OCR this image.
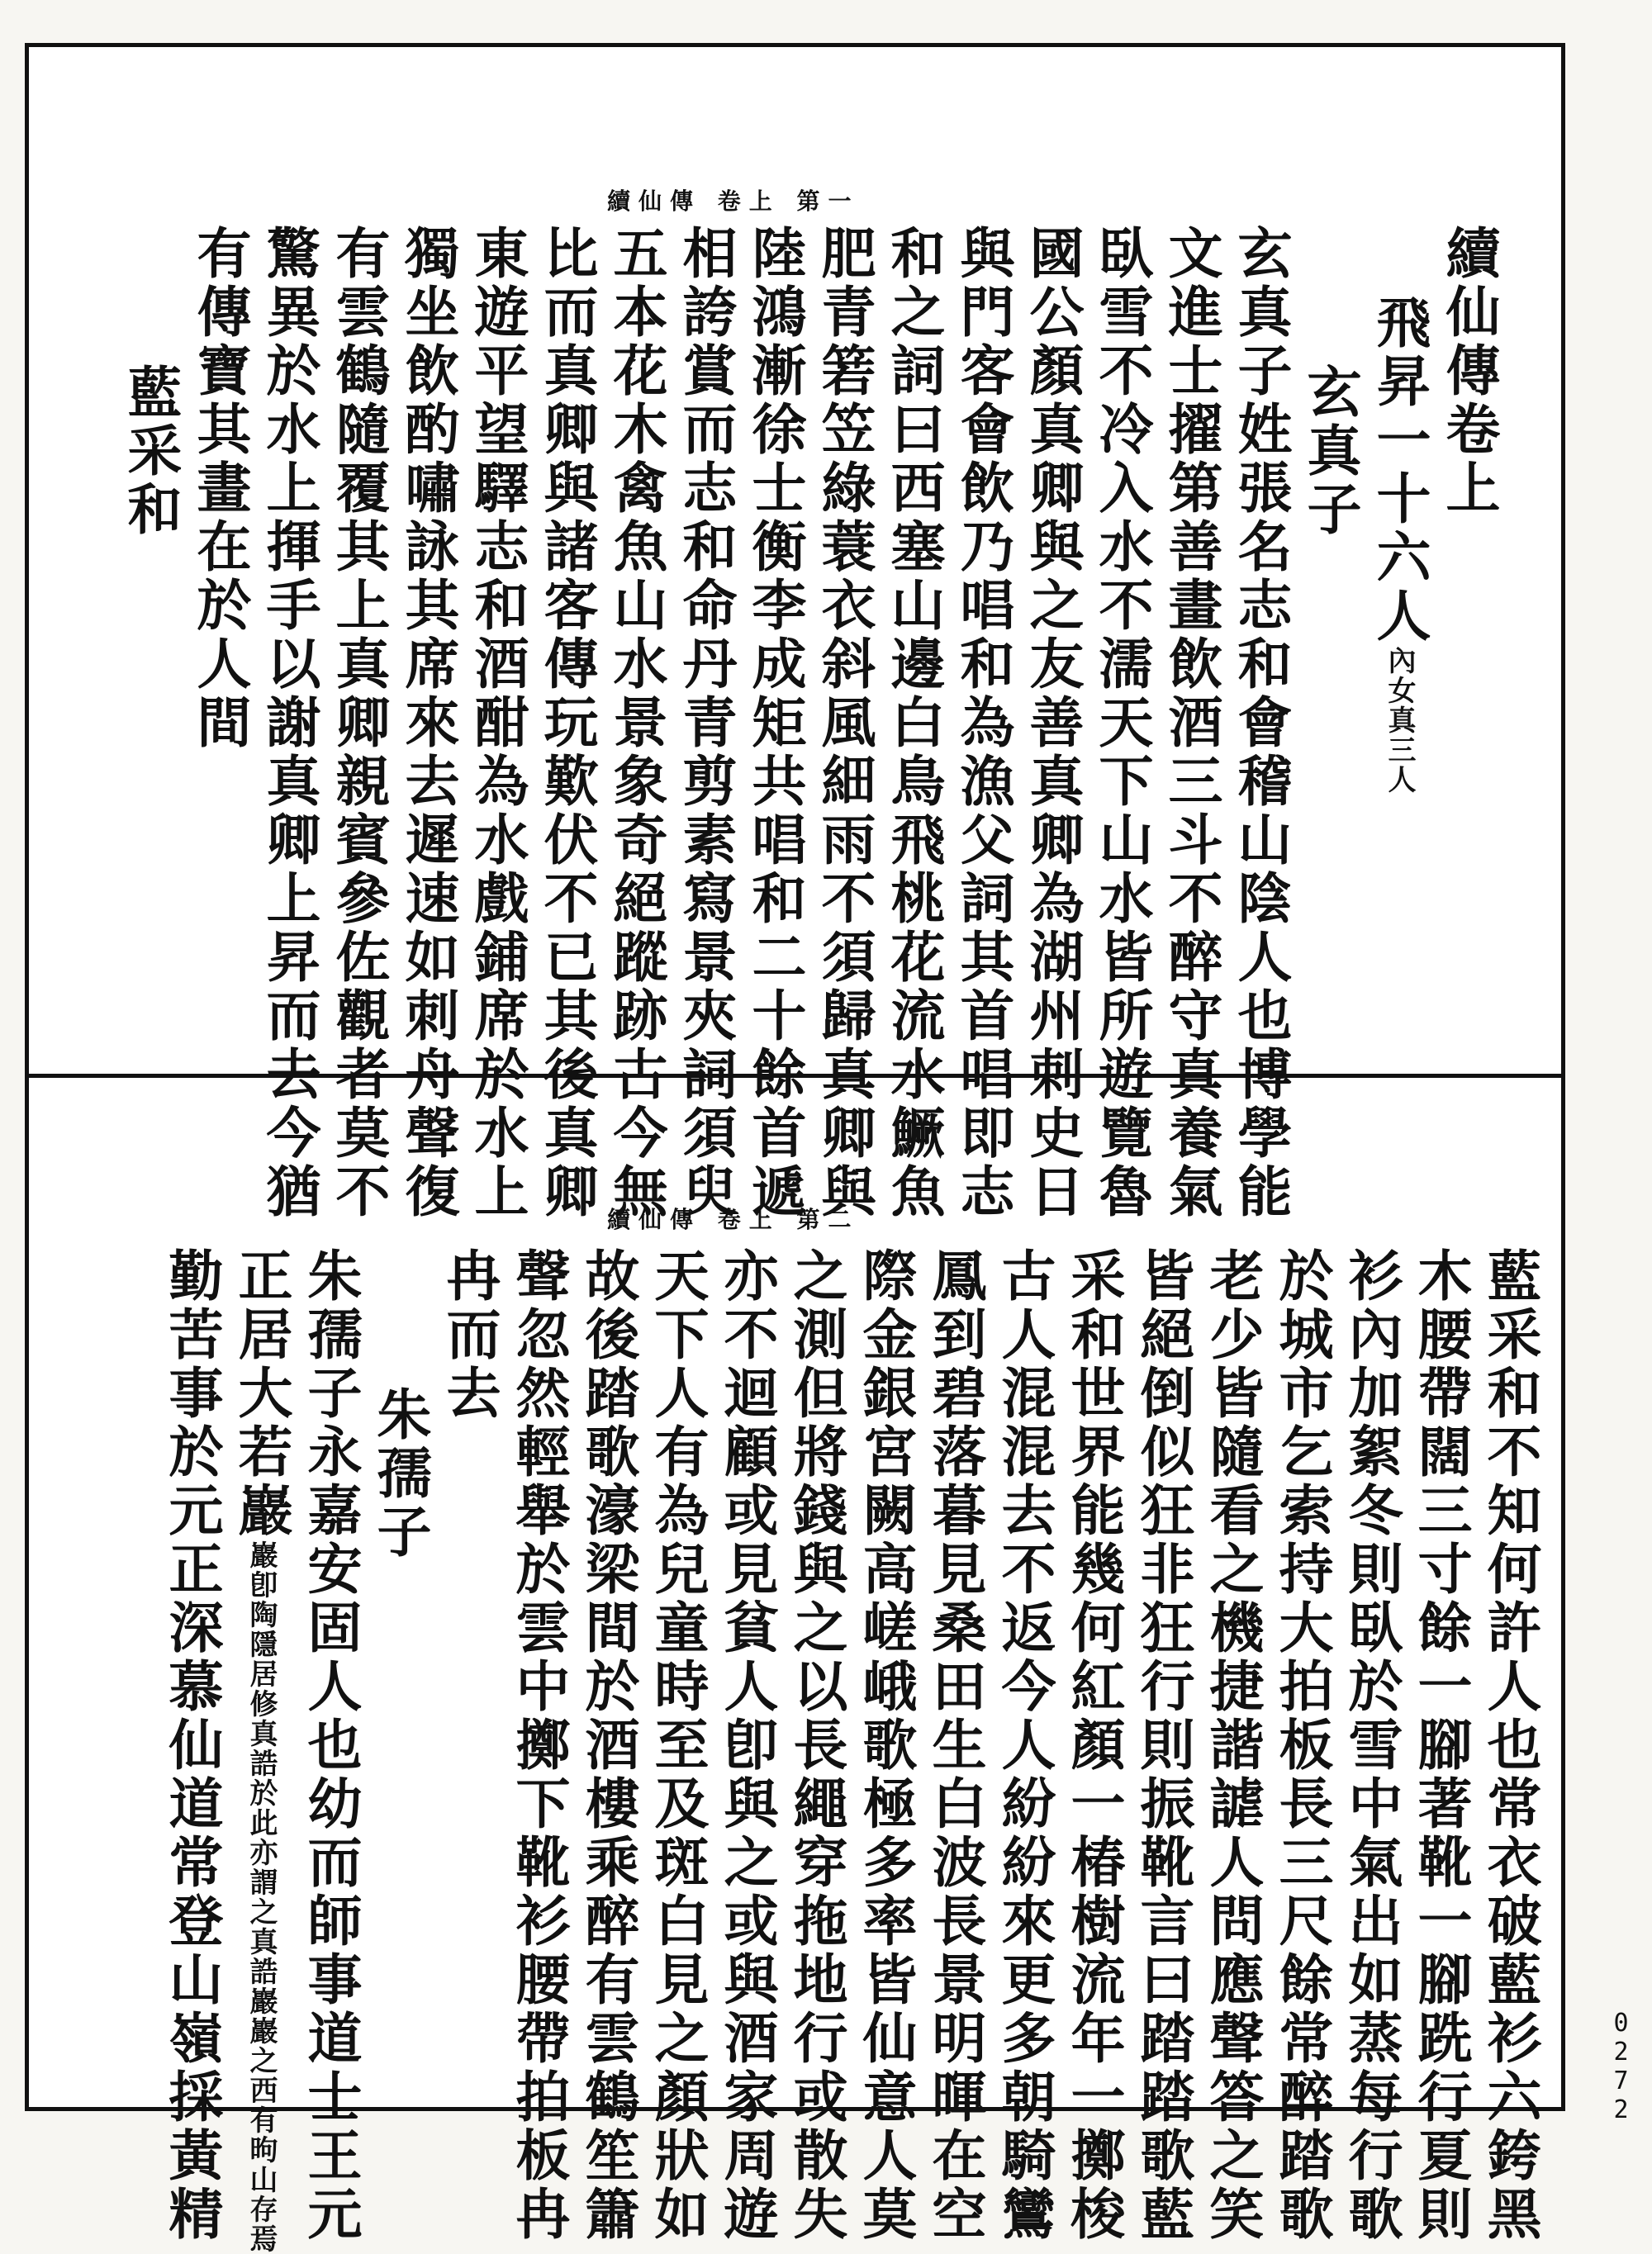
續仙傳 卷上 第一
續仙傳卷上
飛昇一十六人內女真三人
玄真子
玄真子姓張名志和會稽山陰人也博學能
文進士擢第善畫飲酒三斗不醉守真養氣
臥雪不冷入水不濡天下山水皆所遊覽魯
國公顏真卿與之友善真卿為湖州刺史日
與門客會飲乃唱和為漁父詞其首唱即志
和之詞曰西塞山邊白鳥飛桃花流水鱖魚
肥青箬笠綠蓑衣斜風細雨不須歸真卿與
陸鴻漸徐士衡李成矩共唱和二十餘首遞
相誇賞而志和命丹青剪素寫景夾詞須臾
五本花木禽魚山水景象奇絕蹤跡古今無
比而真卿與諸客傳玩歎伏不已其後真卿
東遊平望驛志和酒酣為水戲鋪席於水上
獨坐飲酌嘯詠其席來去遲速如刺舟聲復
有雲鶴隨覆其上真卿親賓參佐觀者莫不
驚異於水上揮手以謝真卿上昇而去今猶
有傳寶其畫在於人間
藍采和
續仙傳 卷上 第二
藍采和不知何許人也常衣破藍衫六銙黑
木腰帶闊三寸餘一腳著靴一腳跣行夏則
衫內加絮冬則臥於雪中氣出如蒸每行歌
於城市乞索持大拍板長三尺餘常醉踏歌
老少皆隨看之機捷諧謔人問應聲答之笑
皆絕倒似狂非狂行則振靴言曰踏踏歌藍
采和世界能幾何紅顏一椿樹流年一擲梭
古人混混去不返今人紛紛來更多朝騎鸞
鳳到碧落暮見桑田生白波長景明暉在空
際金銀宮闕高嵯峨歌極多率皆仙意人莫
之測但將錢與之以長繩穿拖地行或散失
亦不迴顧或見貧人卽與之或與酒家周遊
天下人有為兒童時至及斑白見之顏狀如
故後踏歌濠梁間於酒樓乘醉有雲鶴笙簫
聲忽然輕舉於雲中擲下靴衫腰帶拍板冉
冉而去
朱孺子
朱孺子永嘉安固人也幼而師事道士王元
正居大若巖巖卽陶隱居修真誥於此亦謂之真誥巖巖之西有昫山存焉
勤苦事於元正深慕仙道常登山嶺採黃精	0272
